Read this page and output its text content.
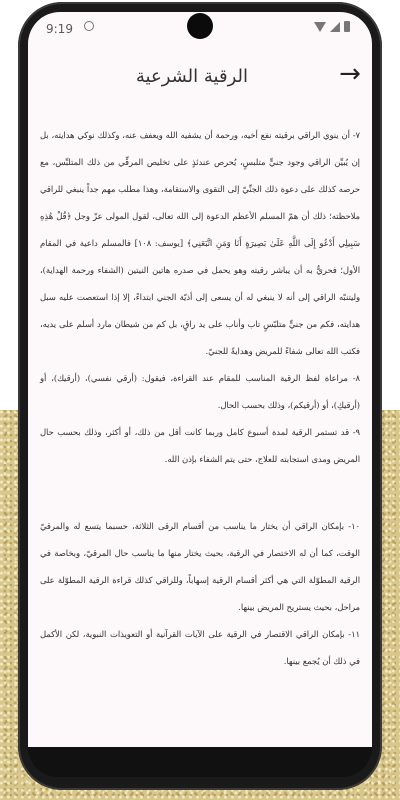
9:19
الرقية الشرعية	→

٧- أن ينوي الراقي برقيته نفع أخيه، ورحمة أن يشفيه الله ويعفف عنه، وكذلك نوكي هدايته، بل إن يُبيِّن الراقي وجود جنيٍّ متلبسٍ، يُحرص عندئذٍ على تخليص المرقِّي من ذلك المتلبِّس، مع حرصه كذلك على دعوة ذلك الجنِّيّ إلى التقوى والاستقامة، وهذا مطلب مهم جداً ينبغي للراقي ملاحظته؛ ذلك أن همّ المسلم الأعظم الدعوة إلى الله تعالى، لقول المولى عزّ وجل ﴿قُلْ هَٰذِهِ سَبِيلِي أَدْعُو إِلَى اللَّهِ عَلَىٰ بَصِيرَةٍ أَنَا وَمَنِ اتَّبَعَنِي﴾ [يوسف: ١٠٨] فالمسلم داعية في المقام الأول؛ فحريٌّ به أن يباشر رقيته وهو يحمل في صدره هاتين النيتين (الشفاء ورحمة الهداية)، وليتنبّه الراقي إلى أنه لا ينبغي له أن يسعى إلى أذيّة الجني ابتداءً، إلا إذا استعصت عليه سبل هدايته، فكم من جنيٍّ متلبّسٍ تاب وأناب على يد راقٍ، بل كم من شيطان مارد أسلم على يديه، فكتب الله تعالى شفاءً للمريض وهدايةً للجنيّ.

٨- مراعاة لفظ الرقية المناسب للمقام عند القراءة، فيقول: (أرقي نفسي)، (أرقيك)، أو (أرقيكِ)، أو (أرقيكم)، وذلك بحسب الحال.

٩- قد تستمر الرقية لمدة أسبوع كامل وربما كانت أقل من ذلك، أو أكثر، وذلك بحسب حال المريض ومدى استجابته للعلاج، حتى يتم الشفاء بإذن الله.

١٠- بإمكان الراقي أن يختار ما يناسب من أقسام الرقى الثلاثة، حسبما يتسع له والمرقيّ الوقت، كما أن له الاختصار في الرقية، بحيث يختار منها ما يناسب حال المرقيّ، وبخاصة في الرقية المطوّلة التي هي أكثر أقسام الرقية إسهاباً، وللراقي كذلك قراءة الرقية المطوّلة على مراحل، بحيث يستريح المريض بينها.

١١- بإمكان الراقي الاقتصار في الرقية على الآيات القرآنية أو التعويذات النبوية، لكن الأكمل في ذلك أن يُجمع بينها.
